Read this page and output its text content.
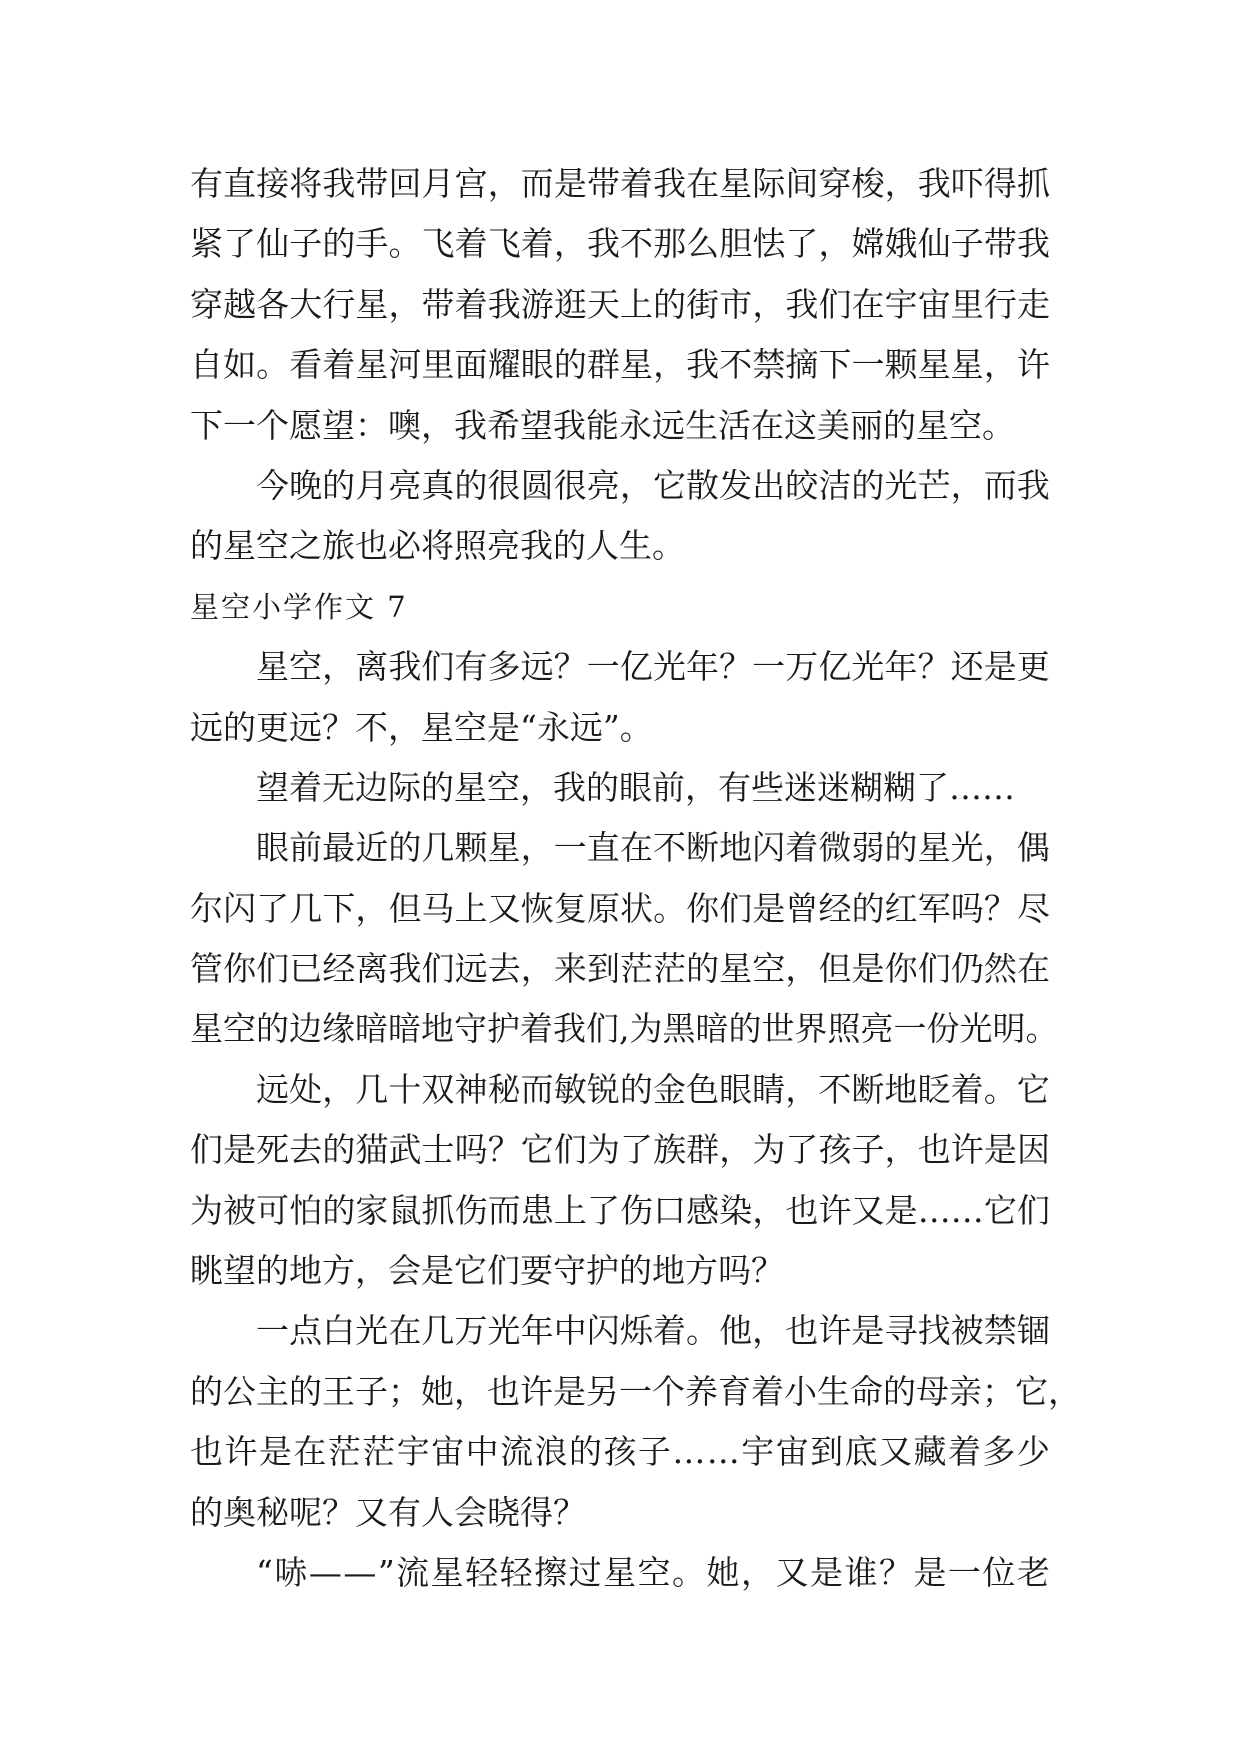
有 直 接 将 我 带 回 月 宫 ， 而 是 带 着 我 在 星 际 间 穿 梭 ， 我 吓 得 抓
紧 了 仙 子 的 手 。 飞 着 飞 着 ， 我 不 那 么 胆 怯 了 ， 嫦 娥 仙 子 带 我
穿 越 各 大 行 星 ， 带 着 我 游 逛 天 上 的 街 市 ， 我 们 在 宇 宙 里 行 走
自 如 。 看 着 星 河 里 面 耀 眼 的 群 星 ， 我 不 禁 摘 下 一 颗 星 星 ， 许
下一个愿望：噢，我希望我能永远生活在这美丽的星空。
今 晚 的 月 亮 真 的 很 圆 很 亮 ， 它 散 发 出 皎 洁 的 光 芒 ， 而 我
的星空之旅也必将照亮我的人生。
星空小学作文 7
星 空 ， 离 我 们 有 多 远 ？ 一 亿 光 年 ？ 一 万 亿 光 年 ？ 还 是 更
远的更远？不，星空是“永远”。
望着无边际的星空，我的眼前，有些迷迷糊糊了……
眼 前 最 近 的 几 颗 星 ， 一 直 在 不 断 地 闪 着 微 弱 的 星 光 ， 偶
尔 闪 了 几 下 ， 但 马 上 又 恢 复 原 状 。 你 们 是 曾 经 的 红 军 吗 ？ 尽
管 你 们 已 经 离 我 们 远 去 ， 来 到 茫 茫 的 星 空 ， 但 是 你 们 仍 然 在
星 空 的 边 缘 暗 暗 地 守 护 着 我 们 , 为 黑 暗 的 世 界 照 亮 一 份 光 明 。
远 处 ， 几 十 双 神 秘 而 敏 锐 的 金 色 眼 睛 ， 不 断 地 眨 着 。 它
们 是 死 去 的 猫 武 士 吗 ？ 它 们 为 了 族 群 ， 为 了 孩 子 ， 也 许 是 因
为 被 可 怕 的 家 鼠 抓 伤 而 患 上 了 伤 口 感 染 ， 也 许 又 是 … … 它 们
眺望的地方，会是它们要守护的地方吗？
一 点 白 光 在 几 万 光 年 中 闪 烁 着 。 他 ， 也 许 是 寻 找 被 禁 锢
的 公 主 的 王 子 ； 她 ， 也 许 是 另 一 个 养 育 着 小 生 命 的 母 亲 ； 它 ，
也 许 是 在 茫 茫 宇 宙 中 流 浪 的 孩 子 … … 宇 宙 到 底 又 藏 着 多 少
的奥秘呢？又有人会晓得？
“ 哧 — — ” 流 星 轻 轻 擦 过 星 空 。 她 ， 又 是 谁 ？ 是 一 位 老
